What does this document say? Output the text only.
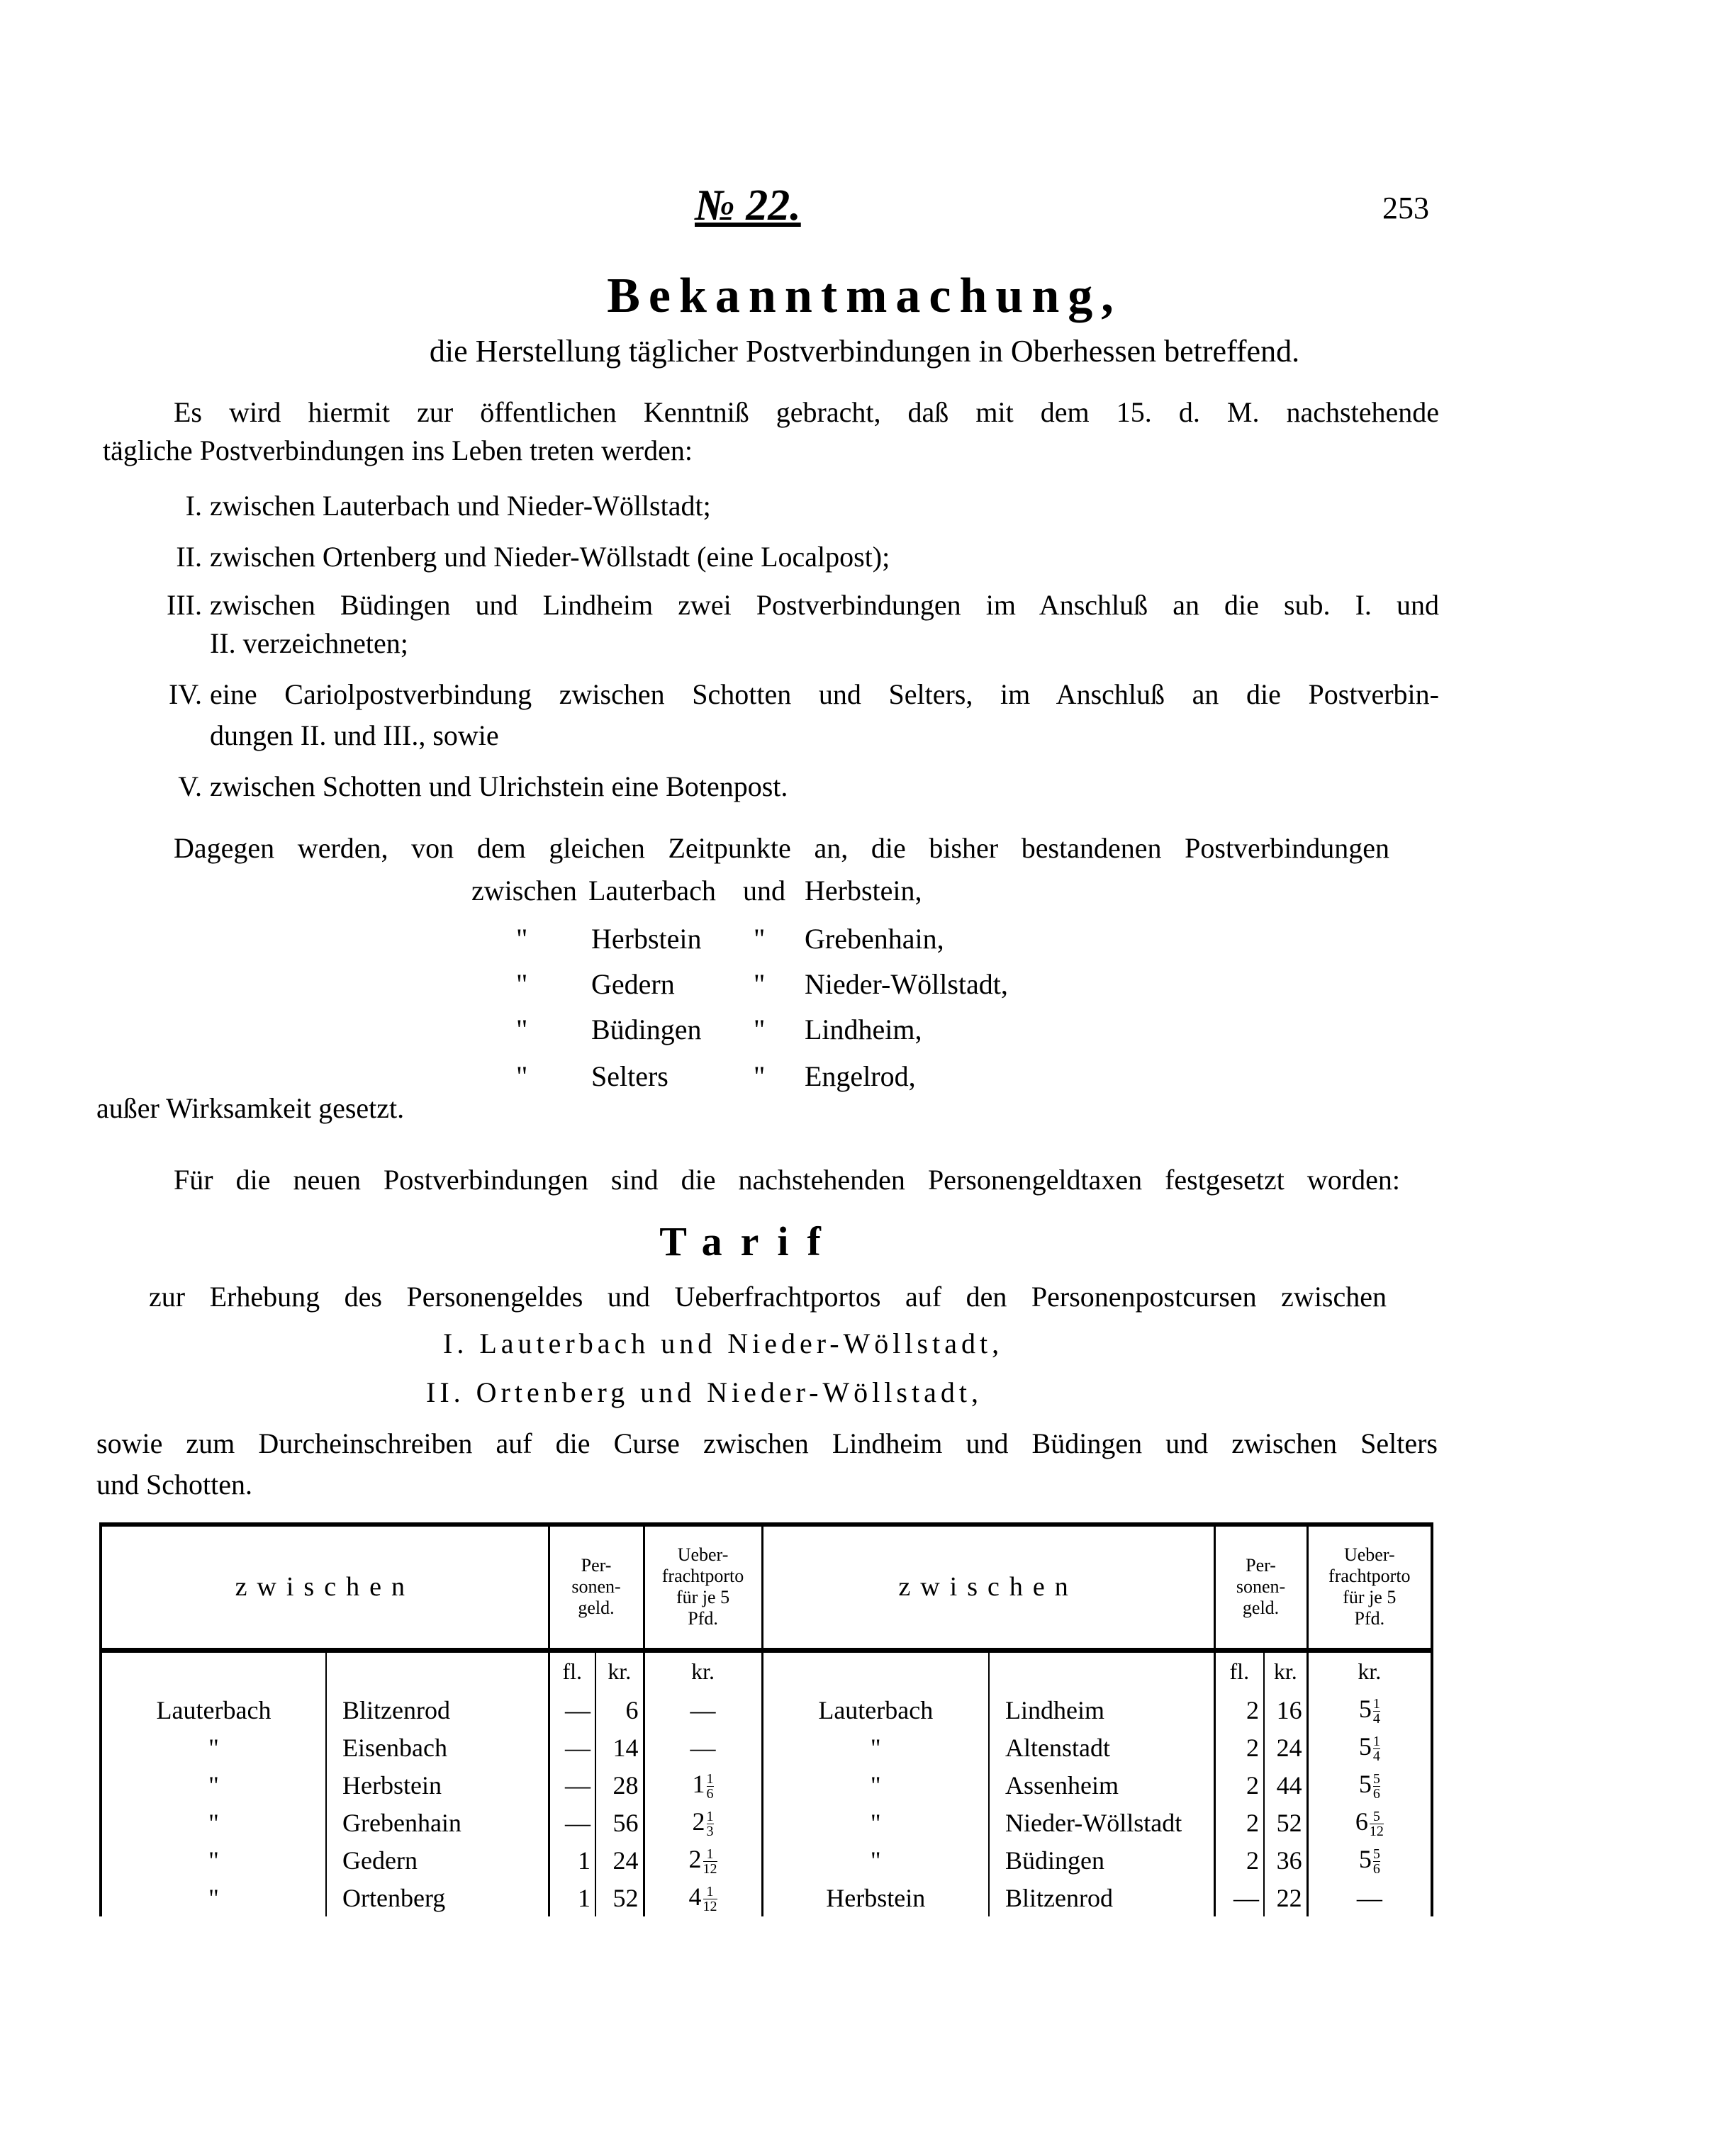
№ 22.	253
Bekanntmachung,
die Herstellung täglicher Postverbindungen in Oberhessen betreffend.
Es wird hiermit zur öffentlichen Kenntniß gebracht, daß mit dem 15. d. M. nachstehende
tägliche Postverbindungen ins Leben treten werden:
I. zwischen Lauterbach und Nieder-Wöllstadt;
II. zwischen Ortenberg und Nieder-Wöllstadt (eine Localpost);
III. zwischen Büdingen und Lindheim zwei Postverbindungen im Anschluß an die sub. I. und
II. verzeichneten;
IV. eine Cariolpostverbindung zwischen Schotten und Selters, im Anschluß an die Postverbin-
dungen II. und III., sowie
V. zwischen Schotten und Ulrichstein eine Botenpost.
Dagegen werden, von dem gleichen Zeitpunkte an, die bisher bestandenen Postverbindungen
zwischen Lauterbach und Herbstein,
" Herbstein " Grebenhain,
" Gedern	" Nieder-Wöllstadt,
" Büdingen " Lindheim,
" Selters	" Engelrod,
außer Wirksamkeit gesetzt.
Für die neuen Postverbindungen sind die nachstehenden Personengeldtaxen festgesetzt worden:
Tarif
zur Erhebung des Personengeldes und Ueberfrachtportos auf den Personenpostcursen zwischen
I. Lauterbach und Nieder-Wöllstadt,
II. Ortenberg und Nieder-Wöllstadt,
sowie zum Durcheinschreiben auf die Curse zwischen Lindheim und Büdingen und zwischen Selters
und Schotten.
zwischen		Per-
sonen-
geld.		Ueber-
frachtporto
für je 5
Pfd.	zwischen		Per-
sonen-
geld.		Ueber-
frachtporto
für je 5
Pfd.
		fl.	kr.	kr.			fl.	kr.	kr.
Lauterbach	Blitzenrod	—	6	—	Lauterbach	Lindheim	2	16	$5 \frac{1}{4}$

"	Eisenbach	—	14	—	"	Altenstadt	2	24	$5 \frac{1}{4}$

"	Herbstein	—	28	$1 \frac{1}{6}$	"	Assenheim	2	44	$5 \frac{5}{6}$

"	Grebenhain	—	56	$2 \frac{1}{3}$	"	Nieder-Wöllstadt	2	52	$6 \frac{5}{12}$

"	Gedern	1	24	$2 \frac{1}{12}$	"	Büdingen	2	36	$5 \frac{5}{6}$

"	Ortenberg	1	52	$4 \frac{1}{12}$	Herbstein	Blitzenrod	—	22	—
